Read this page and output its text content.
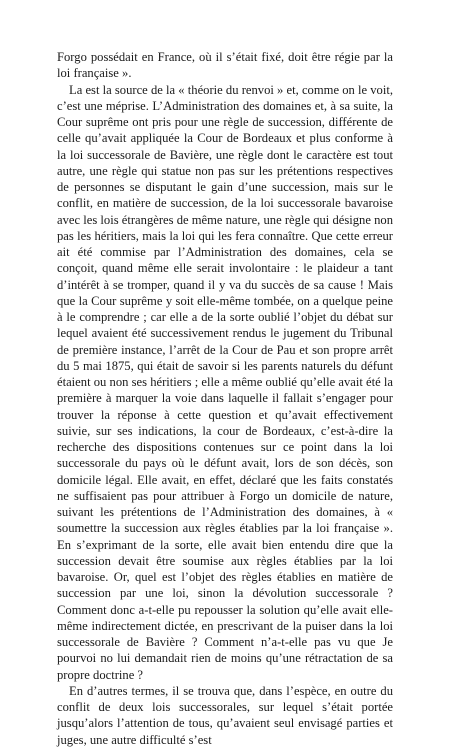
Forgo possédait en France, où il s’était fixé, doit être régie par la loi française ».

La est la source de la « théorie du renvoi » et, comme on le voit, c’est une méprise. L’Administration des domaines et, à sa suite, la Cour suprême ont pris pour une règle de succession, différente de celle qu’avait appliquée la Cour de Bordeaux et plus conforme à la loi successorale de Bavière, une règle dont le caractère est tout autre, une règle qui statue non pas sur les prétentions respectives de personnes se disputant le gain d’une succession, mais sur le conflit, en matière de succession, de la loi successorale bavaroise avec les lois étrangères de même nature, une règle qui désigne non pas les héritiers, mais la loi qui les fera connaître. Que cette erreur ait été commise par l’Administration des domaines, cela se conçoit, quand même elle serait involontaire : le plaideur a tant d’intérêt à se tromper, quand il y va du succès de sa cause ! Mais que la Cour suprême y soit elle-même tombée, on a quelque peine à le comprendre ; car elle a de la sorte oublié l’objet du débat sur lequel avaient été successivement rendus le jugement du Tribunal de première instance, l’arrêt de la Cour de Pau et son propre arrêt du 5 mai 1875, qui était de savoir si les parents naturels du défunt étaient ou non ses héritiers ; elle a même oublié qu’elle avait été la première à marquer la voie dans laquelle il fallait s’engager pour trouver la réponse à cette question et qu’avait effectivement suivie, sur ses indications, la cour de Bordeaux, c’est-à-dire la recherche des dispositions contenues sur ce point dans la loi successorale du pays où le défunt avait, lors de son décès, son domicile légal. Elle avait, en effet, déclaré que les faits constatés ne suffisaient pas pour attribuer à Forgo un domicile de nature, suivant les prétentions de l’Administration des domaines, à « soumettre la succession aux règles établies par la loi française ». En s’exprimant de la sorte, elle avait bien entendu dire que la succession devait être soumise aux règles établies par la loi bavaroise. Or, quel est l’objet des règles établies en matière de succession par une loi, sinon la dévolution successorale ? Comment donc a-t-elle pu repousser la solution qu’elle avait elle-même indirectement dictée, en prescrivant de la puiser dans la loi successorale de Bavière ? Comment n’a-t-elle pas vu que Je pourvoi no lui demandait rien de moins qu’une rétractation de sa propre doctrine ?

En d’autres termes, il se trouva que, dans l’espèce, en outre du conflit de deux lois successorales, sur lequel s’était portée jusqu’alors l’attention de tous, qu’avaient seul envisagé parties et juges, une autre difficulté s’est
